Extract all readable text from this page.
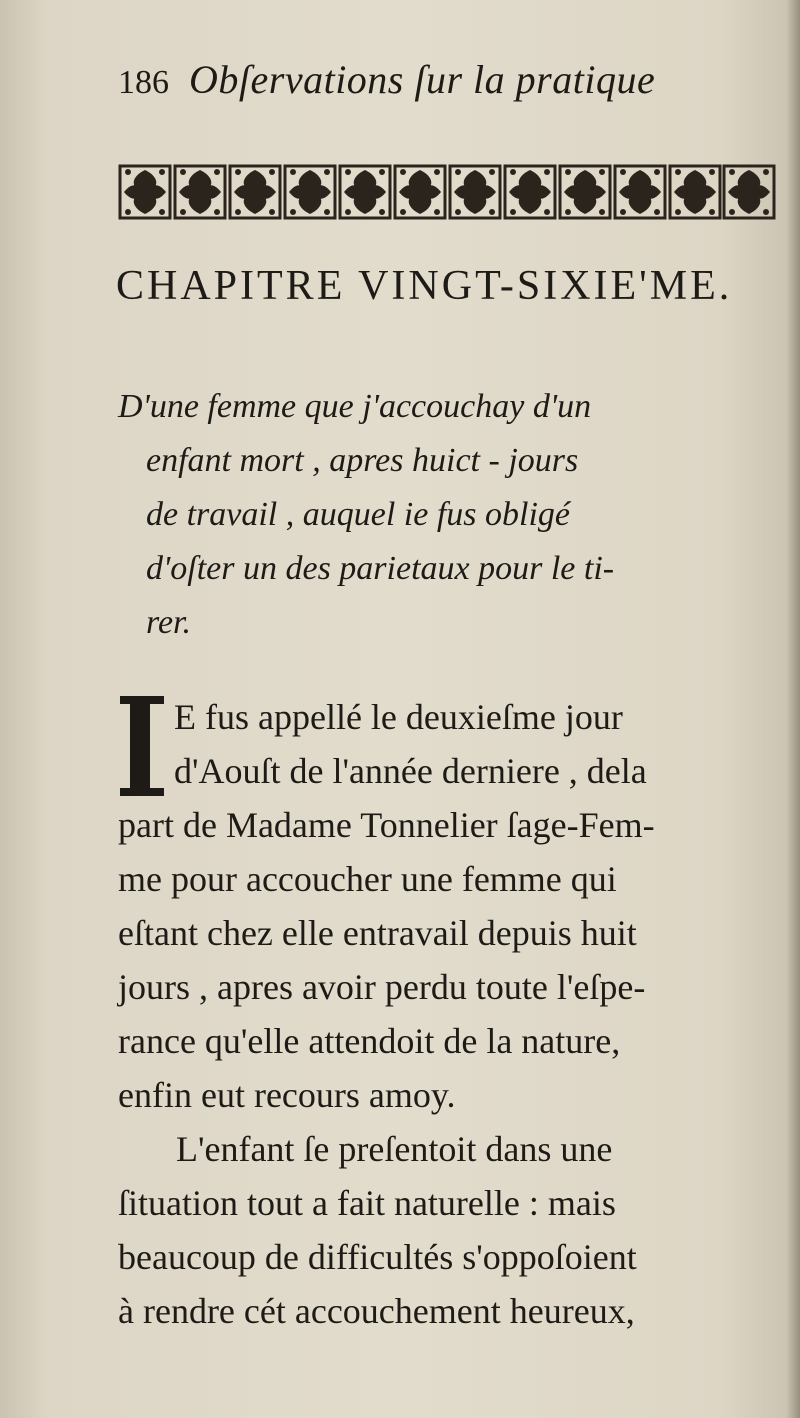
186 Obſervations ſur la pratique
CHAPITRE VINGT-SIXIE'ME.
D'une femme que j'accouchay d'un
enfant mort , apres huict - jours
de travail , auquel ie fus obligé
d'oſter un des parietaux pour le ti-
rer.
E fus appellé le deuxieſme jour
d'Aouſt de l'année derniere , dela
part de Madame Tonnelier ſage-Fem-
me pour accoucher une femme qui
eſtant chez elle entravail depuis huit
jours , apres avoir perdu toute l'eſpe-
rance qu'elle attendoit de la nature,
enfin eut recours amoy.
L'enfant ſe preſentoit dans une
ſituation tout a fait naturelle : mais
beaucoup de difficultés s'oppoſoient
à rendre cét accouchement heureux,
